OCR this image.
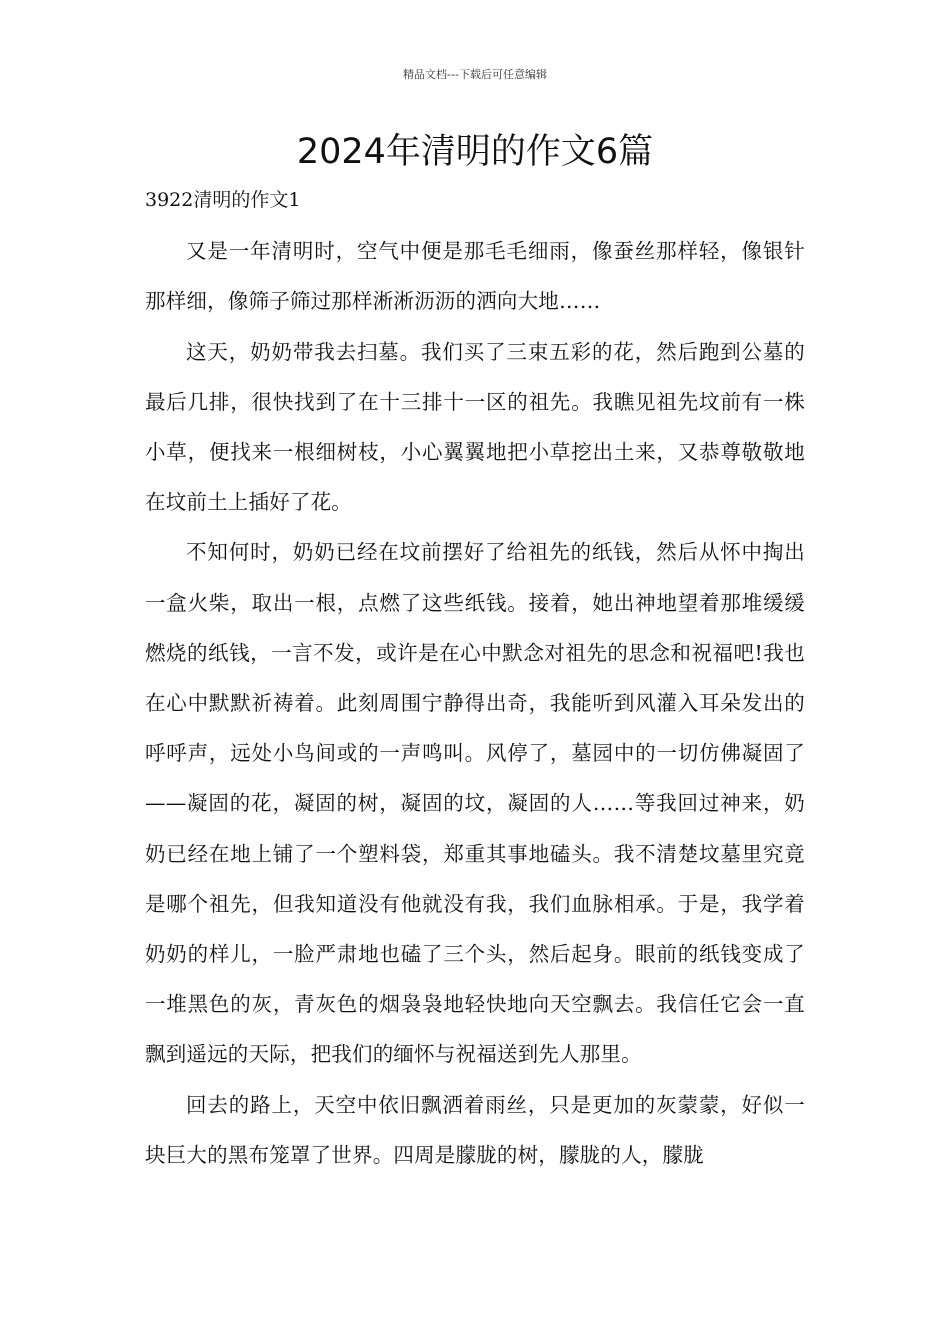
精品文档---下载后可任意编辑
2024年清明的作文6篇

3922清明的作文1

又是一年清明时，空气中便是那毛毛细雨，像蚕丝那样轻，像银针那样细，像筛子筛过那样淅淅沥沥的洒向大地……

这天，奶奶带我去扫墓。我们买了三束五彩的花，然后跑到公墓的最后几排，很快找到了在十三排十一区的祖先。我瞧见祖先坟前有一株小草，便找来一根细树枝，小心翼翼地把小草挖出土来，又恭尊敬敬地在坟前土上插好了花。

不知何时，奶奶已经在坟前摆好了给祖先的纸钱，然后从怀中掏出一盒火柴，取出一根，点燃了这些纸钱。接着，她出神地望着那堆缓缓燃烧的纸钱，一言不发，或许是在心中默念对祖先的思念和祝福吧!我也在心中默默祈祷着。此刻周围宁静得出奇，我能听到风灌入耳朵发出的呼呼声，远处小鸟间或的一声鸣叫。风停了，墓园中的一切仿佛凝固了——凝固的花，凝固的树，凝固的坟，凝固的人……等我回过神来，奶奶已经在地上铺了一个塑料袋，郑重其事地磕头。我不清楚坟墓里究竟是哪个祖先，但我知道没有他就没有我，我们血脉相承。于是，我学着奶奶的样儿，一脸严肃地也磕了三个头，然后起身。眼前的纸钱变成了一堆黑色的灰，青灰色的烟袅袅地轻快地向天空飘去。我信任它会一直飘到遥远的天际，把我们的缅怀与祝福送到先人那里。

回去的路上，天空中依旧飘洒着雨丝，只是更加的灰蒙蒙，好似一块巨大的黑布笼罩了世界。四周是朦胧的树，朦胧的人，朦胧
